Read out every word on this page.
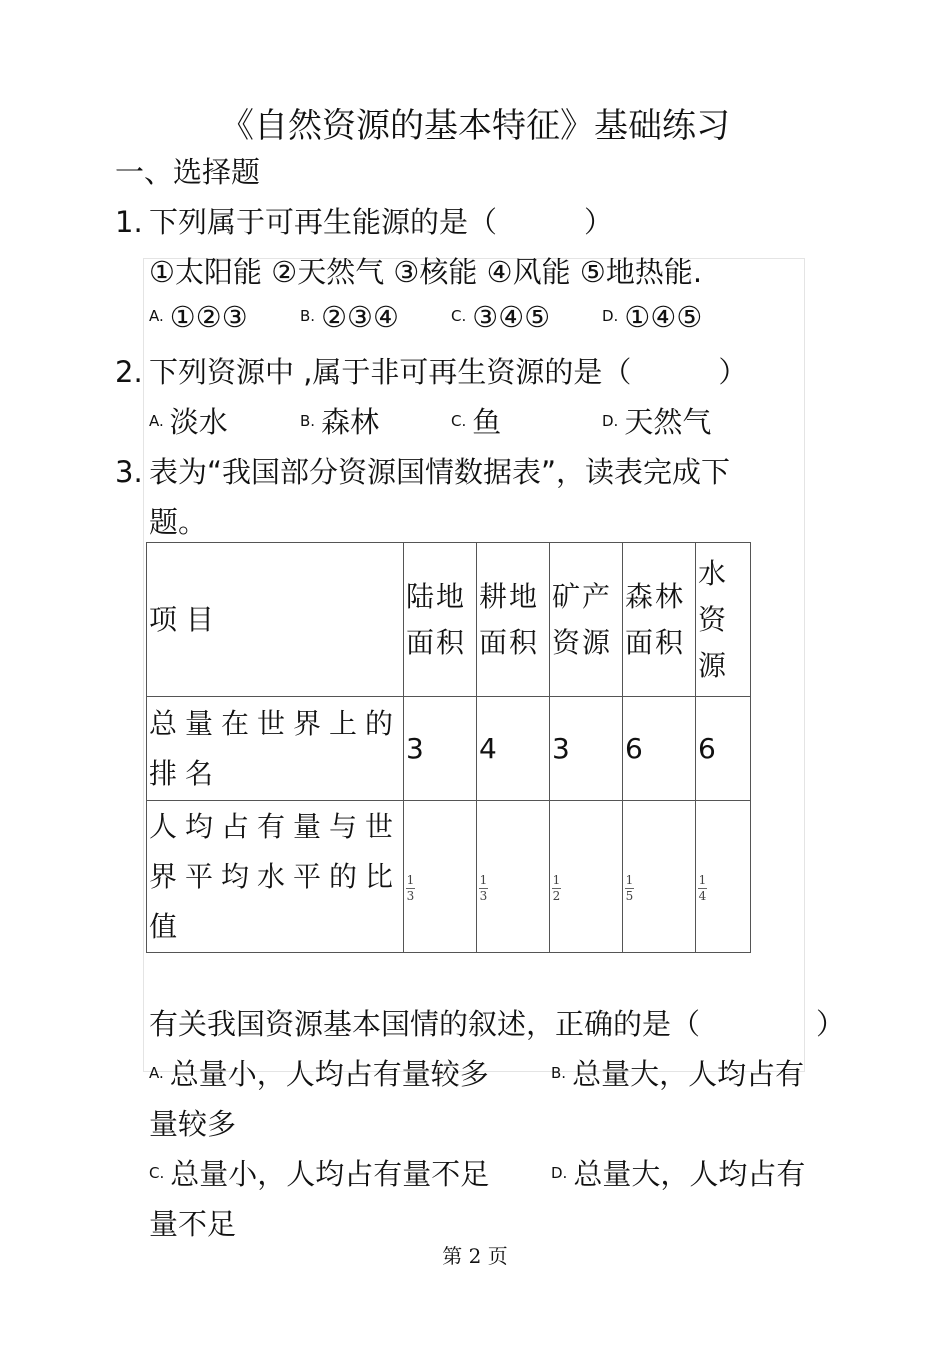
《自然资源的基本特征》基础练习
一、选择题
1. 下列属于可再生能源的是（　　　）
①太阳能 ②天然气 ③核能 ④风能 ⑤地热能.
$^{A.}$ ①②③	$^{B.}$ ②③④	$^{C.}$ ③④⑤	$^{D.}$ ①④⑤
2. 下列资源中 ,属于非可再生资源的是（　　　）
$^{A.}$ 淡水	$^{B.}$ 森林	$^{C.}$ 鱼	$^{D.}$ 天然气
3. 表为“我国部分资源国情数据表”，读表完成下
题。
项 目	陆地面积	耕地面积	矿产资源	森林面积	水资源
总量在世界上的排名	3	4	3	6	6
人均占有量与世界平均水平的比值	$\frac{1}{3}$	$\frac{1}{3}$	$\frac{1}{2}$	$\frac{1}{5}$	$\frac{1}{4}$
有关我国资源基本国情的叙述，正确的是（　　　　）
$^{A.}$ 总量小，人均占有量较多	$^{B.}$ 总量大，人均占有
量较多
$^{C.}$ 总量小，人均占有量不足	$^{D.}$ 总量大，人均占有
量不足
第 2 页
